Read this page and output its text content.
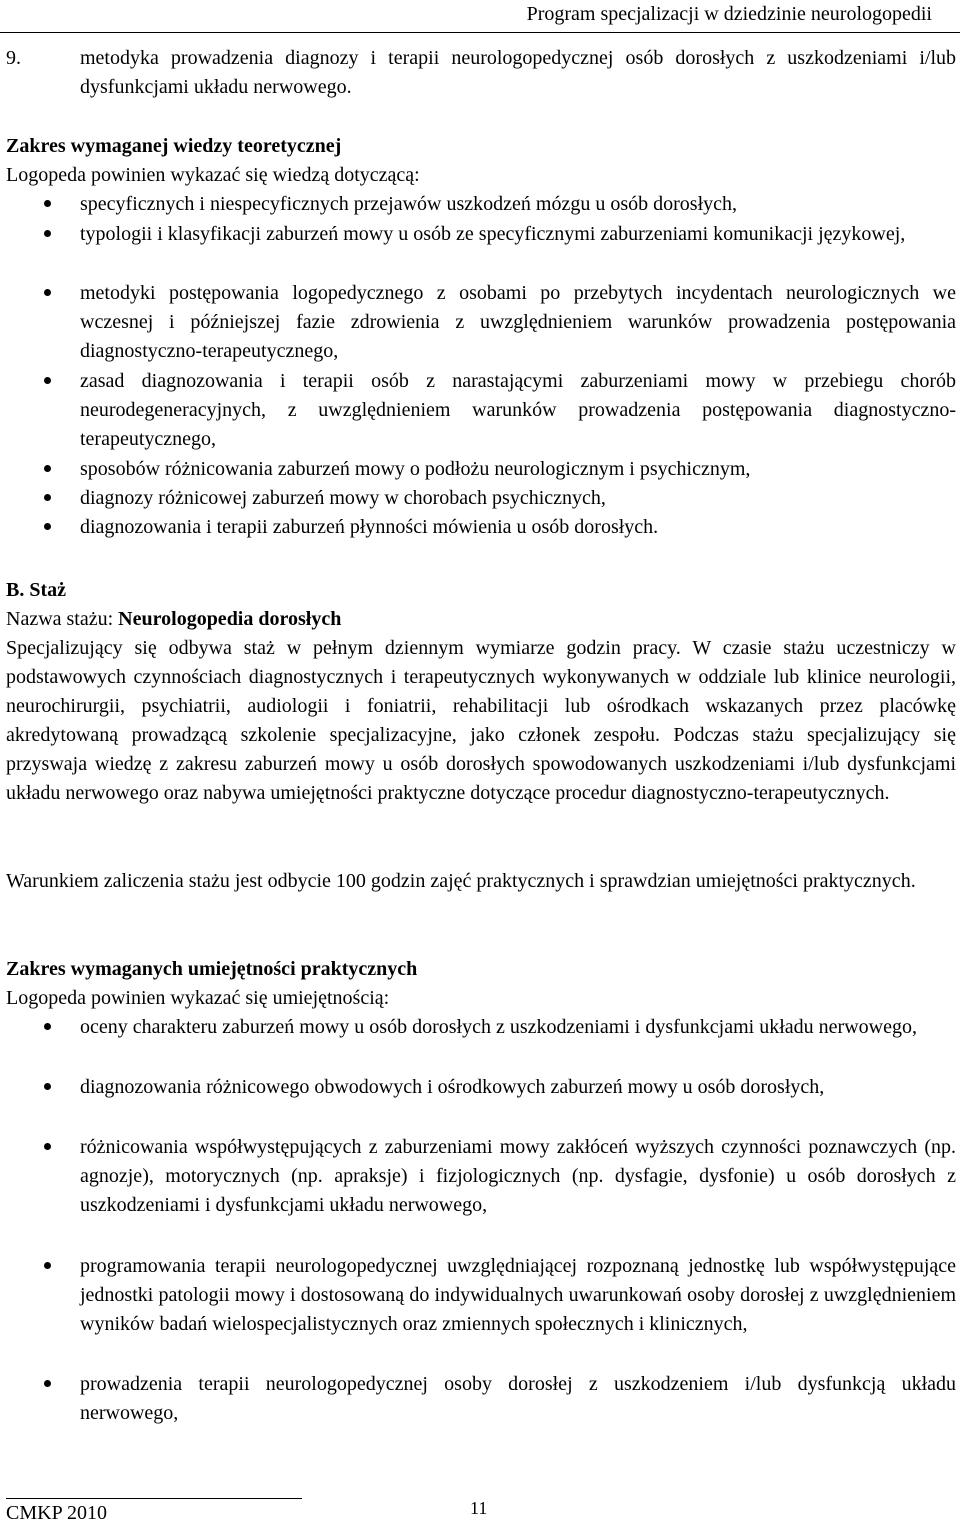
Program specjalizacji w dziedzinie neurologopedii
9.	metodyka prowadzenia diagnozy i terapii neurologopedycznej osób dorosłych z uszkodzeniami i/lub dysfunkcjami układu nerwowego.

Zakres wymaganej wiedzy teoretycznej

Logopeda powinien wykazać się wiedzą dotyczącą:

specyficznych i niespecyficznych przejawów uszkodzeń mózgu u osób dorosłych,

typologii i klasyfikacji zaburzeń mowy u osób ze specyficznymi zaburzeniami komunikacji językowej,

metodyki postępowania logopedycznego z osobami po przebytych incydentach neurologicznych we wczesnej i późniejszej fazie zdrowienia z uwzględnieniem warunków prowadzenia postępowania diagnostyczno-terapeutycznego,

zasad diagnozowania i terapii osób z narastającymi zaburzeniami mowy w przebiegu chorób neurodegeneracyjnych, z uwzględnieniem warunków prowadzenia postępowania diagnostyczno-terapeutycznego,

sposobów różnicowania zaburzeń mowy o podłożu neurologicznym i psychicznym,

diagnozy różnicowej zaburzeń mowy w chorobach psychicznych,

diagnozowania i terapii zaburzeń płynności mówienia u osób dorosłych.

B. Staż

Nazwa stażu: Neurologopedia dorosłych

Specjalizujący się odbywa staż w pełnym dziennym wymiarze godzin pracy. W czasie stażu uczestniczy w podstawowych czynnościach diagnostycznych i terapeutycznych wykonywanych w oddziale lub klinice neurologii, neurochirurgii, psychiatrii, audiologii i foniatrii, rehabilitacji lub ośrodkach wskazanych przez placówkę akredytowaną prowadzącą szkolenie specjalizacyjne, jako członek zespołu. Podczas stażu specjalizujący się przyswaja wiedzę z zakresu zaburzeń mowy u osób dorosłych spowodowanych uszkodzeniami i/lub dysfunkcjami układu nerwowego oraz nabywa umiejętności praktyczne dotyczące procedur diagnostyczno-terapeutycznych.

Warunkiem zaliczenia stażu jest odbycie 100 godzin zajęć praktycznych i sprawdzian umiejętności praktycznych.

Zakres wymaganych umiejętności praktycznych

Logopeda powinien wykazać się umiejętnością:

oceny charakteru zaburzeń mowy u osób dorosłych z uszkodzeniami i dysfunkcjami układu nerwowego,

diagnozowania różnicowego obwodowych i ośrodkowych zaburzeń mowy u osób dorosłych,

różnicowania współwystępujących z zaburzeniami mowy zakłóceń wyższych czynności poznawczych (np. agnozje), motorycznych (np. apraksje) i fizjologicznych (np. dysfagie, dysfonie) u osób dorosłych z uszkodzeniami i dysfunkcjami układu nerwowego,

programowania terapii neurologopedycznej uwzględniającej rozpoznaną jednostkę lub współwystępujące jednostki patologii mowy i dostosowaną do indywidualnych uwarunkowań osoby dorosłej z uwzględnieniem wyników badań wielospecjalistycznych oraz zmiennych społecznych i klinicznych,

prowadzenia terapii neurologopedycznej osoby dorosłej z uszkodzeniem i/lub dysfunkcją układu nerwowego,

CMKP 2010	11
